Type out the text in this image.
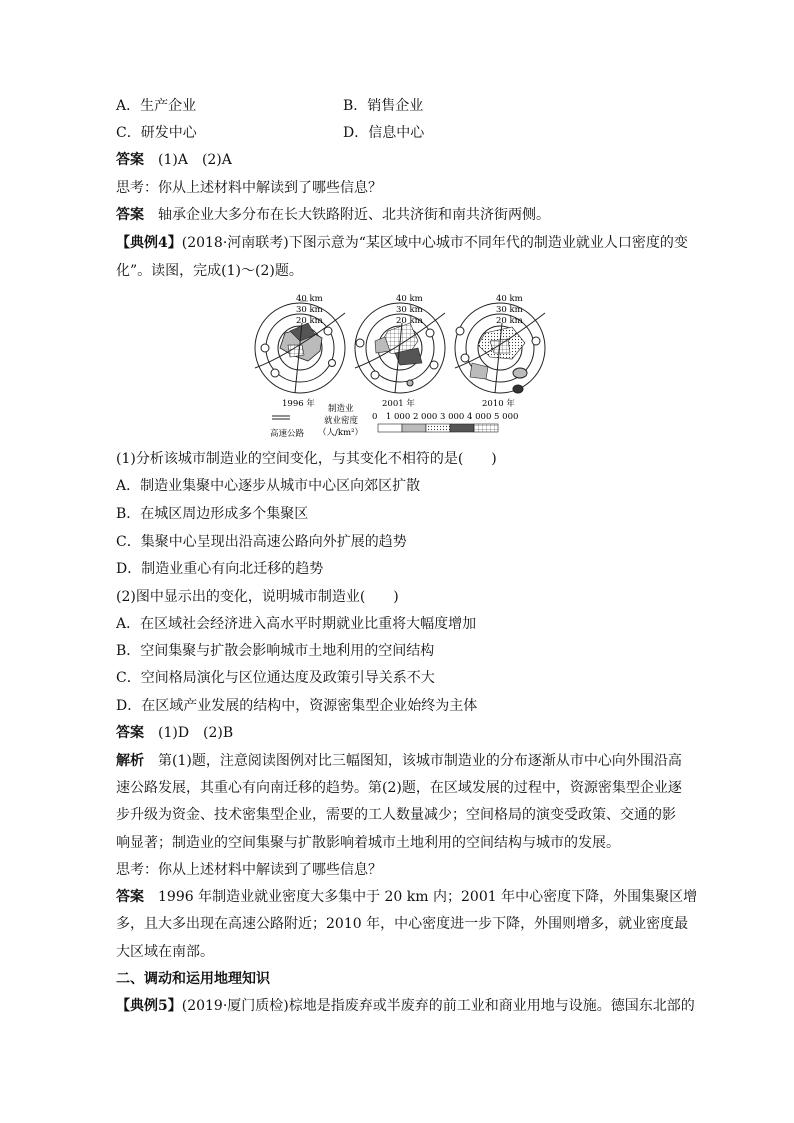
A．生产企业	B．销售企业
C．研发中心	D．信息中心
答案　 (1)A　(2)A
思考：你从上述材料中解读到了哪些信息？
答案　 轴承企业大多分布在长大铁路附近、北共济街和南共济街两侧。
【典例4】(2018·河南联考)下图示意为“某区域中心城市不同年代的制造业就业人口密度的变
化”。读图，完成(1)～(2)题。
40 km
30 km
20 km
1996 年
40 km
30 km
20 km
2001 年
40 km
30 km
20 km
2010 年
高速公路
制造业
就业密度
（人/km²）
0　1 000 2 000 3 000 4 000 5 000
(1)分析该城市制造业的空间变化，与其变化不相符的是(　　)
A．制造业集聚中心逐步从城市中心区向郊区扩散
B．在城区周边形成多个集聚区
C．集聚中心呈现出沿高速公路向外扩展的趋势
D．制造业重心有向北迁移的趋势
(2)图中显示出的变化，说明城市制造业(　　)
A．在区域社会经济进入高水平时期就业比重将大幅度增加
B．空间集聚与扩散会影响城市土地利用的空间结构
C．空间格局演化与区位通达度及政策引导关系不大
D．在区域产业发展的结构中，资源密集型企业始终为主体
答案　 (1)D　(2)B
解析　 第(1)题，注意阅读图例对比三幅图知，该城市制造业的分布逐渐从市中心向外围沿高
速公路发展，其重心有向南迁移的趋势。第(2)题，在区域发展的过程中，资源密集型企业逐
步升级为资金、技术密集型企业，需要的工人数量减少；空间格局的演变受政策、交通的影
响显著；制造业的空间集聚与扩散影响着城市土地利用的空间结构与城市的发展。
思考：你从上述材料中解读到了哪些信息？
答案　 1996 年制造业就业密度大多集中于 20 km 内；2001 年中心密度下降，外围集聚区增
多，且大多出现在高速公路附近；2010 年，中心密度进一步下降，外围则增多，就业密度最
大区域在南部。
二、调动和运用地理知识
【典例5】(2019·厦门质检)棕地是指废弃或半废弃的前工业和商业用地与设施。德国东北部的
